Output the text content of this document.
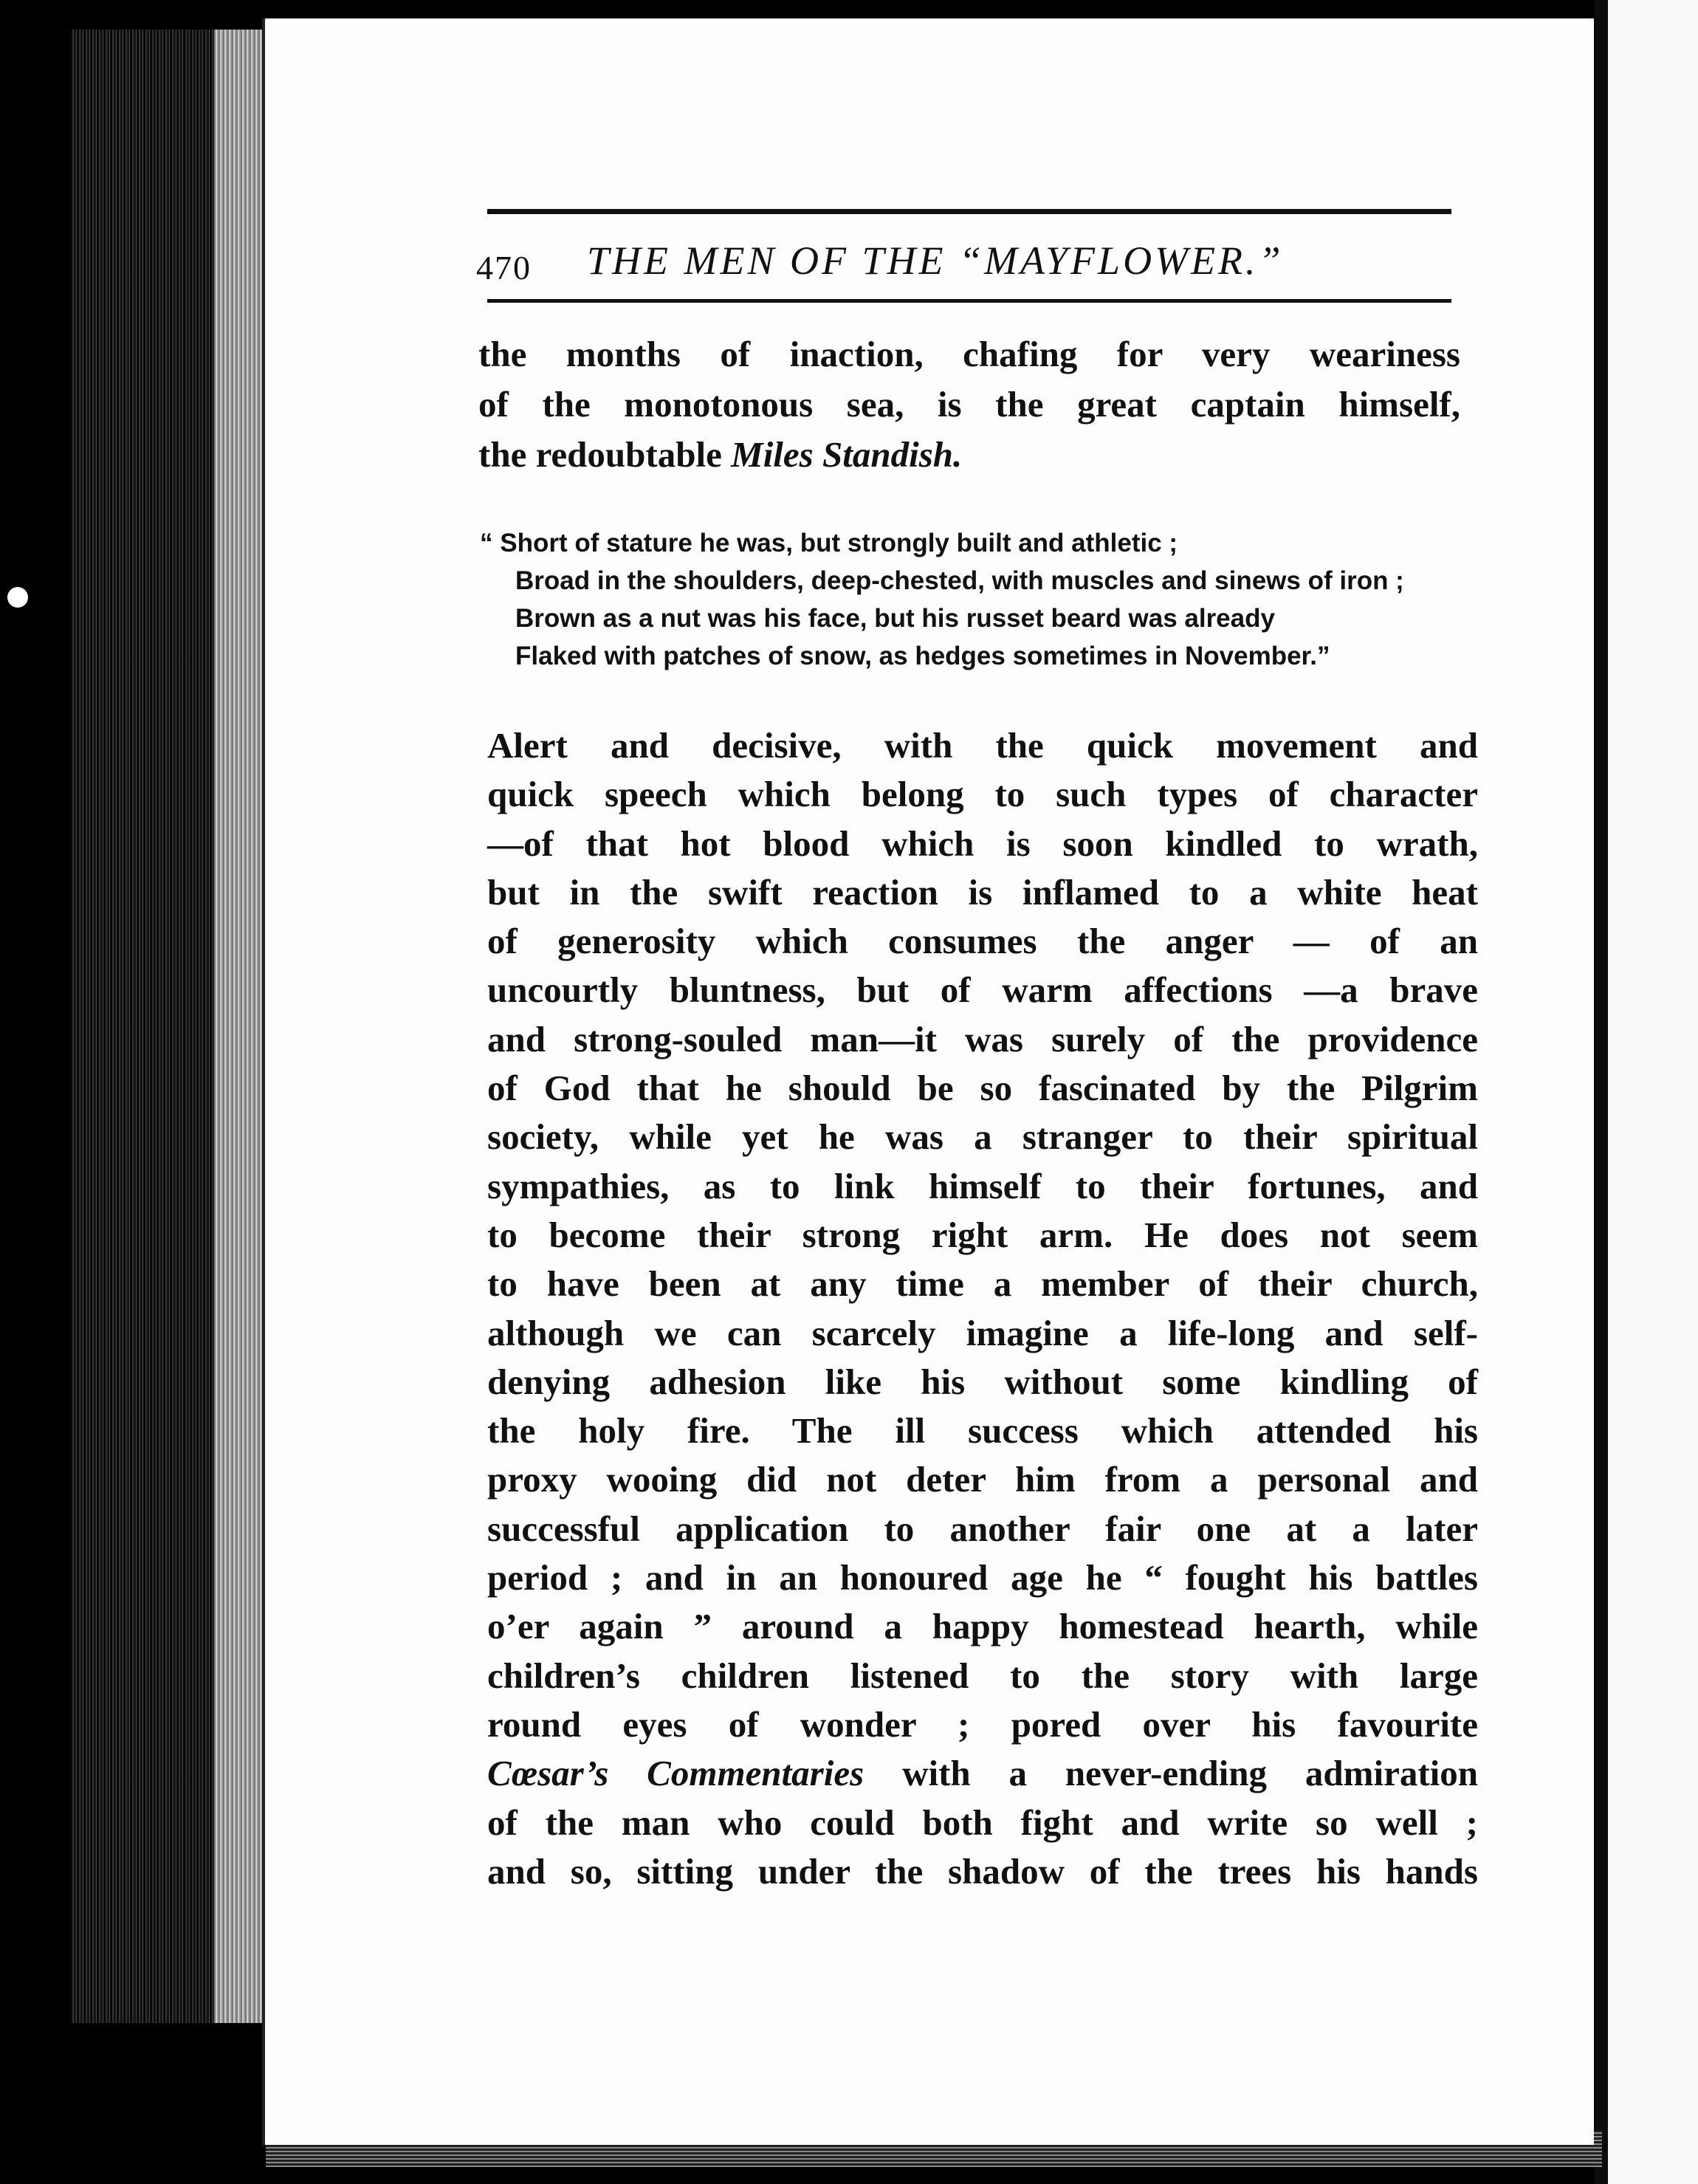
470 THE MEN OF THE “MAYFLOWER.”
the months of inaction, chafing for very weariness
of the monotonous sea, is the great captain himself,
the redoubtable Miles Standish.
“ Short of stature he was, but strongly built and athletic ;
Broad in the shoulders, deep-chested, with muscles and sinews of iron ;
Brown as a nut was his face, but his russet beard was already
Flaked with patches of snow, as hedges sometimes in November.”
Alert and decisive, with the quick movement and
quick speech which belong to such types of character
—of that hot blood which is soon kindled to wrath,
but in the swift reaction is inflamed to a white heat
of generosity which consumes the anger — of an
uncourtly bluntness, but of warm affections —a brave
and strong-souled man—it was surely of the providence
of God that he should be so fascinated by the Pilgrim
society, while yet he was a stranger to their spiritual
sympathies, as to link himself to their fortunes, and
to become their strong right arm. He does not seem
to have been at any time a member of their church,
although we can scarcely imagine a life-long and self-
denying adhesion like his without some kindling of
the holy fire. The ill success which attended his
proxy wooing did not deter him from a personal and
successful application to another fair one at a later
period ; and in an honoured age he “ fought his battles
o’er again ” around a happy homestead hearth, while
children’s children listened to the story with large
round eyes of wonder ; pored over his favourite
Cœsar’s Commentaries with a never-ending admiration
of the man who could both fight and write so well ;
and so, sitting under the shadow of the trees his hands
